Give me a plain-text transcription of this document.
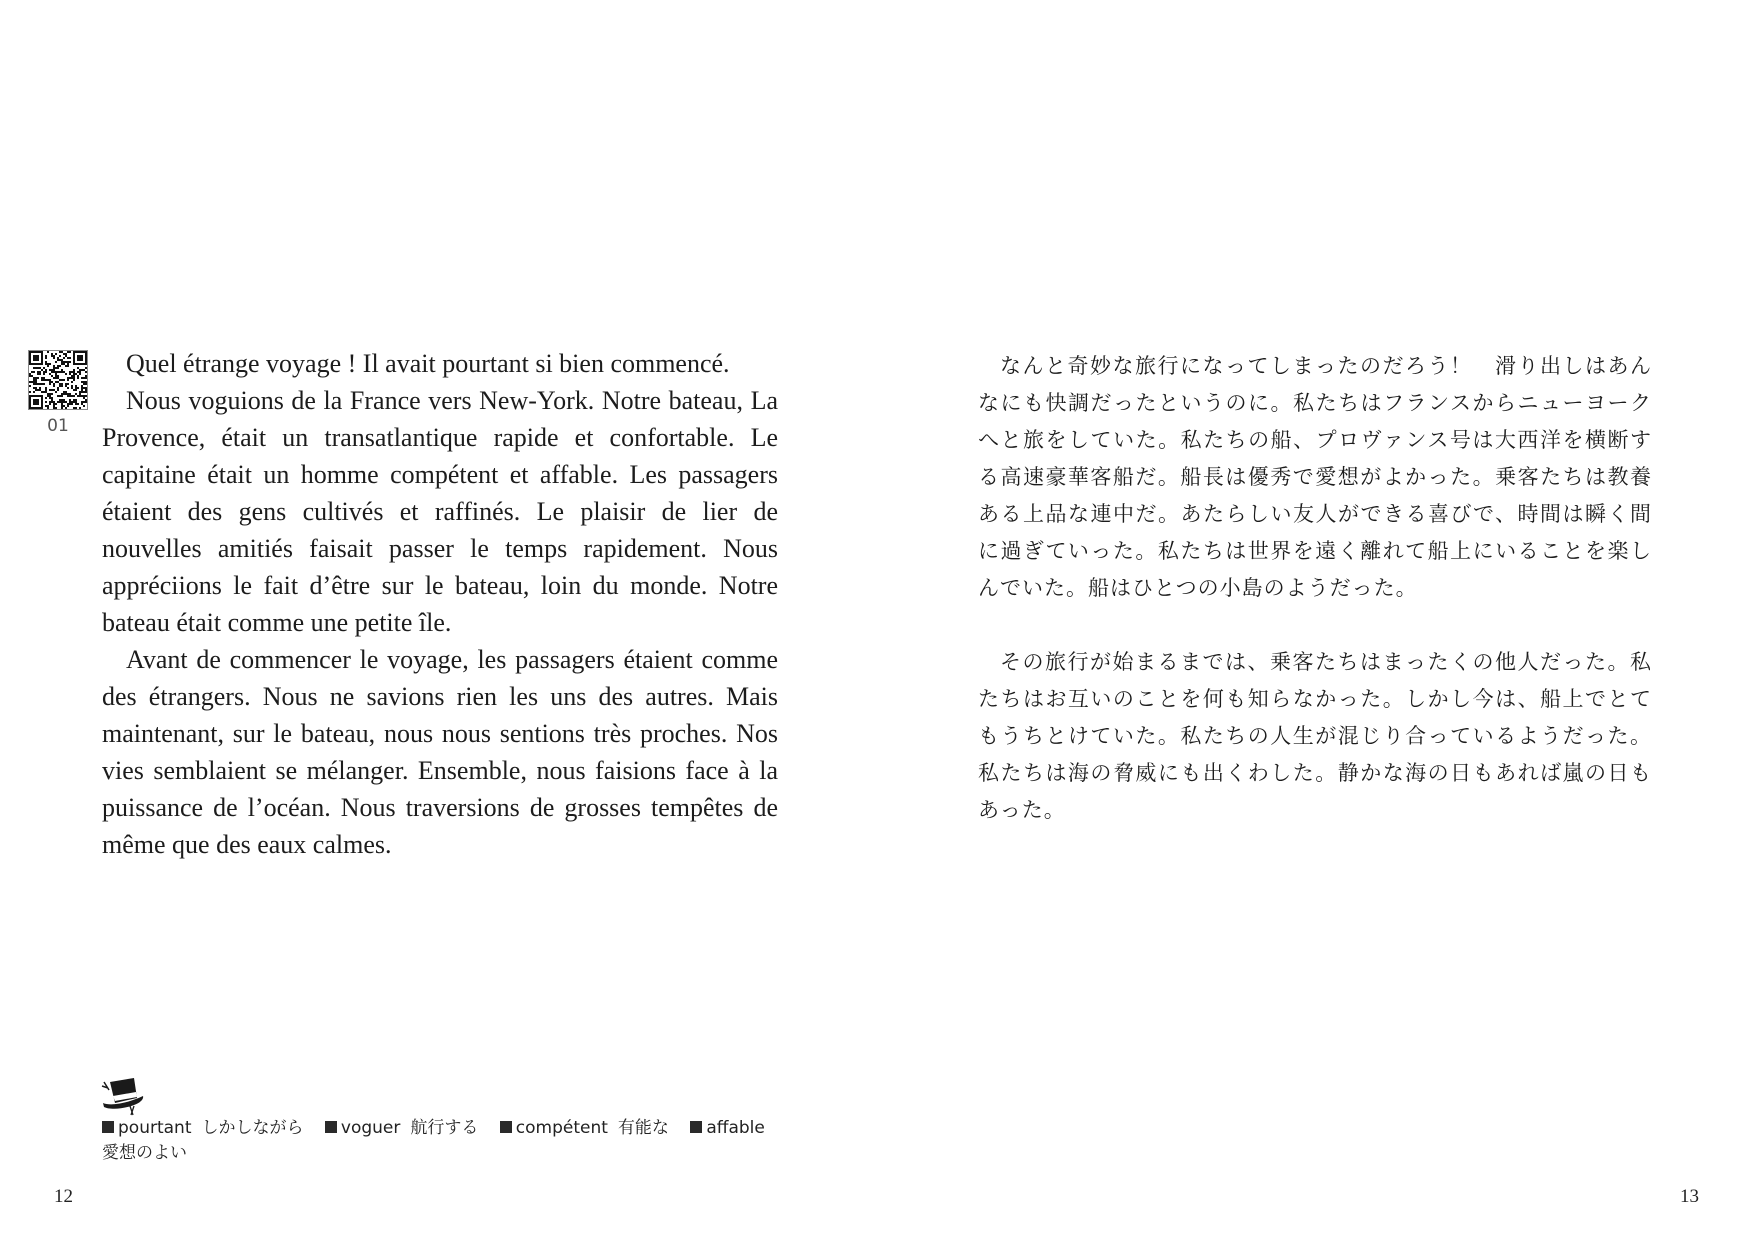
01

Quel étrange voyage ! Il avait pourtant si bien commencé.

Nous voguions de la France vers New-York. Notre bateau, La Provence, était un transatlantique rapide et confortable. Le capitaine était un homme compétent et affable. Les passagers étaient des gens cultivés et raffinés. Le plaisir de lier de nouvelles amitiés faisait passer le temps rapidement. Nous appréciions le fait d’être sur le bateau, loin du monde. Notre bateau était comme une petite île.

Avant de commencer le voyage, les passagers étaient comme des étrangers. Nous ne savions rien les uns des autres. Mais maintenant, sur le bateau, nous nous sentions très proches. Nos vies semblaient se mélanger. Ensemble, nous faisions face à la puissance de l’océan. Nous traversions de grosses tempêtes de même que des eaux calmes.

pourtant しかしながら voguer 航行する compétent 有能な affable愛想のよい
12

なんと奇妙な旅行になってしまったのだろう！　滑り出しはあんなにも快調だったというのに。私たちはフランスからニューヨークへと旅をしていた。私たちの船、プロヴァンス号は大西洋を横断する高速豪華客船だ。船長は優秀で愛想がよかった。乗客たちは教養ある上品な連中だ。あたらしい友人ができる喜びで、時間は瞬く間に過ぎていった。私たちは世界を遠く離れて船上にいることを楽しんでいた。船はひとつの小島のようだった。

その旅行が始まるまでは、乗客たちはまったくの他人だった。私たちはお互いのことを何も知らなかった。しかし今は、船上でとてもうちとけていた。私たちの人生が混じり合っているようだった。私たちは海の脅威にも出くわした。静かな海の日もあれば嵐の日もあった。

13
